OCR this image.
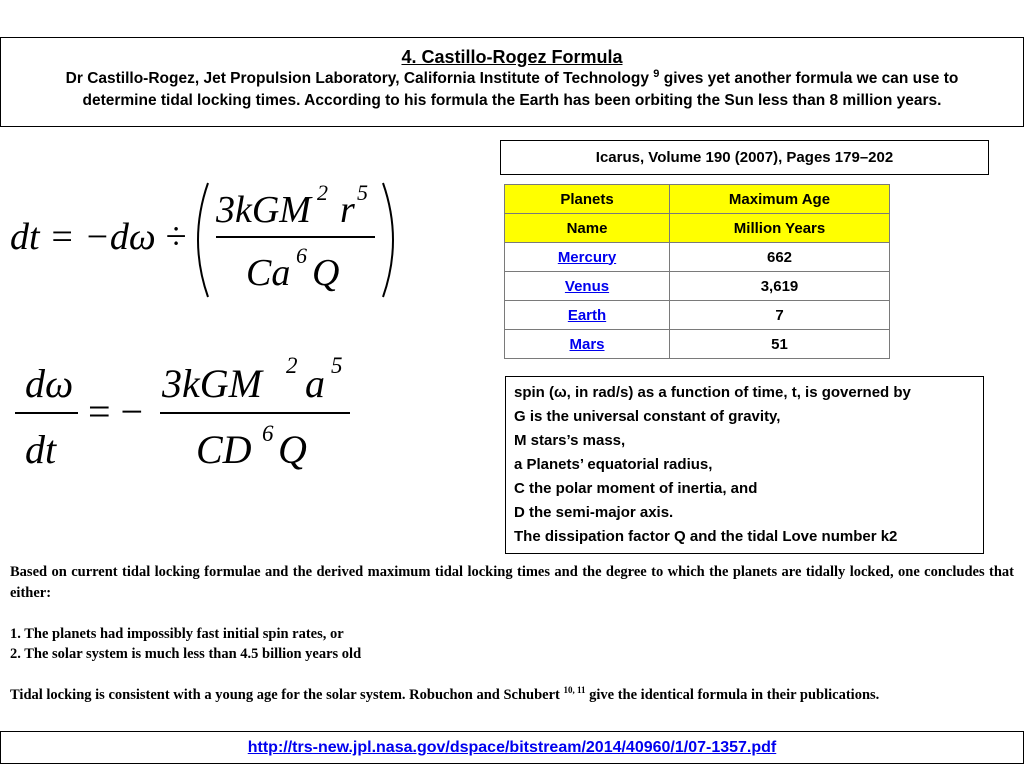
4. Castillo-Rogez Formula
Dr Castillo-Rogez, Jet Propulsion Laboratory, California Institute of Technology $^9$ gives yet another formula we can use to
determine tidal locking times. According to his formula the Earth has been orbiting the Sun less than 8 million years.
Icarus, Volume 190 (2007), Pages 179–202
Planets	Maximum Age
Name	Million Years
Mercury	662
Venus	3,619
Earth	7
Mars	51
spin (ω, in rad/s) as a function of time, t, is governed by
G is the universal constant of gravity,
M stars’s mass,
a Planets’ equatorial radius,
C the polar moment of inertia, and
D the semi-major axis.
The dissipation factor Q and the tidal Love number k2
dt = −dω ÷
3kGM 2 r 5
Ca 6 Q
dω
dt
= −
3kGM 2 a 5
CD 6 Q

Based on current tidal locking formulae and the derived maximum tidal locking times and the degree to which the planets are tidally locked, one concludes that either:

1. The planets had impossibly fast initial spin rates, or

2. The solar system is much less than 4.5 billion years old

Tidal locking is consistent with a young age for the solar system. Robuchon and Schubert $^{10, 11}$ give the identical formula in their publications.

http://trs-new.jpl.nasa.gov/dspace/bitstream/2014/40960/1/07-1357.pdf
